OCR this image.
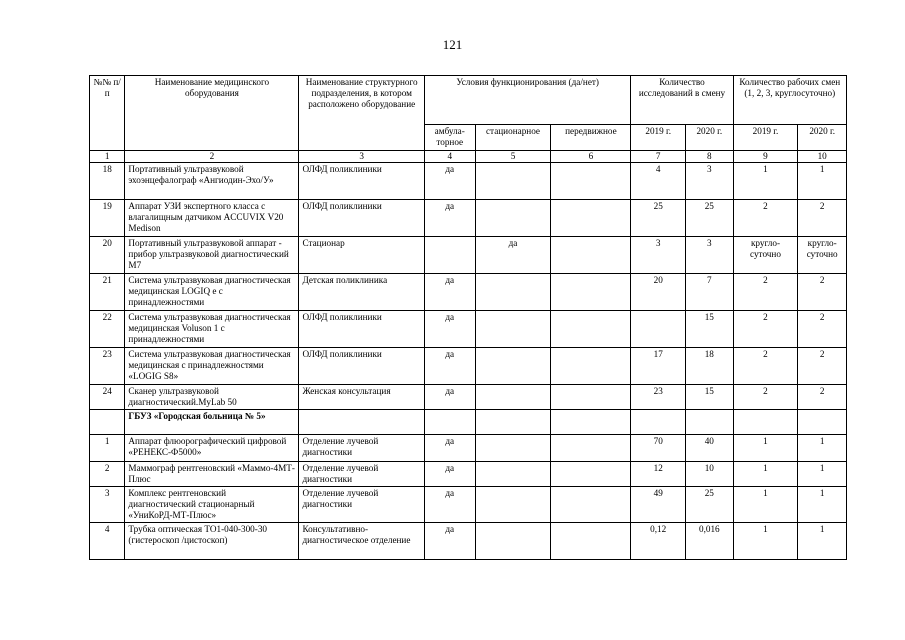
121
№№ п/п	Наименование медицинского оборудования	Наименование структурного подразделения, в котором расположено оборудование	Условия функционирования (да/нет)			Количество исследований в смену		Количество рабочих смен (1, 2, 3, круглосуточно)	
			амбула-торное	стационарное	передвижное	2019 г.	2020 г.	2019 г.	2020 г.
1	2	3	4	5	6	7	8	9	10
18	Портативный ультразвуковой эхоэнцефалограф «Ангиодин-Эхо/У»	ОЛФД поликлиники	да			4	3	1	1
19	Аппарат УЗИ экспертного класса с влагалищным датчиком ACCUVIX V20 Medison	ОЛФД поликлиники	да			25	25	2	2
20	Портативный ультразвуковой аппарат - прибор ультразвуковой диагностический М7	Стационар		да		3	3	кругло-суточно	кругло-суточно
21	Система ультразвуковая диагностическая медицинская LOGIQ e с принадлежностями	Детская поликлиника	да			20	7	2	2
22	Система ультразвуковая диагностическая медицинская Voluson 1 с принадлежностями	ОЛФД поликлиники	да				15	2	2
23	Система ультразвуковая диагностическая медицинская с принадлежностями «LOGIG S8»	ОЛФД поликлиники	да			17	18	2	2
24	Сканер ультразвуковой диагностический.MyLab 50	Женская консультация	да			23	15	2	2
	ГБУЗ «Городская больница № 5»								
1	Аппарат флюорографический цифровой «РЕНЕКС-Ф5000»	Отделение лучевой диагностики	да			70	40	1	1
2	Маммограф рентгеновский «Маммо-4МТ-Плюс	Отделение лучевой диагностики	да			12	10	1	1
3	Комплекс рентгеновский диагностический стационарный «УниКоРД-МТ-Плюс»	Отделение лучевой диагностики	да			49	25	1	1
4	Трубка оптическая ТО1-040-300-30 (гистероскоп /цистоскоп)	Консультативно-диагностическое отделение	да			0,12	0,016	1	1
